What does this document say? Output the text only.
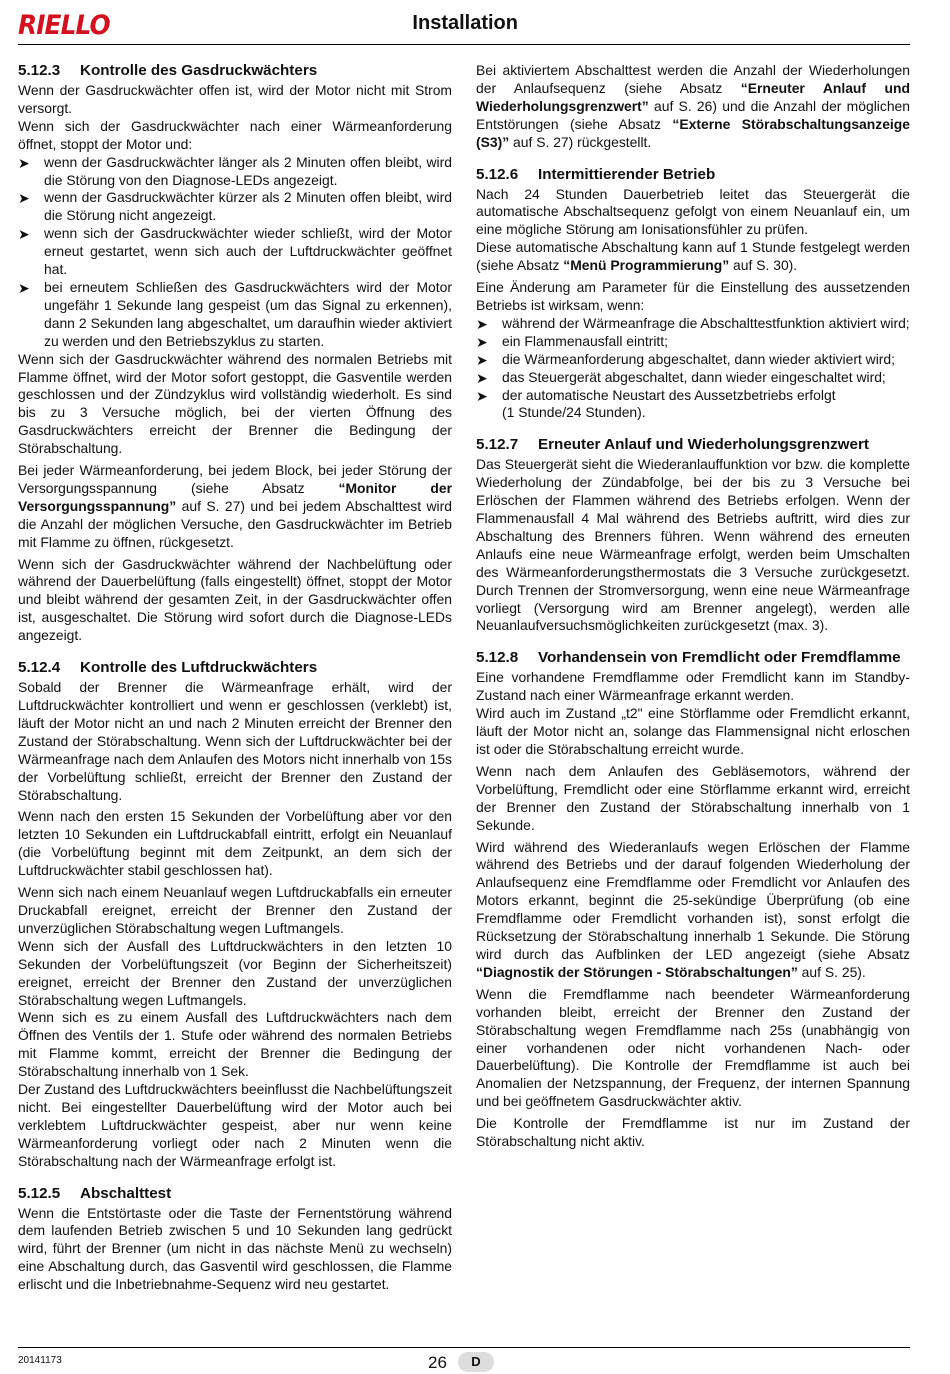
RIELLO	Installation
5.12.3	Kontrolle des Gasdruckwächters

Wenn der Gasdruckwächter offen ist, wird der Motor nicht mit Strom versorgt.

Wenn sich der Gasdruckwächter nach einer Wärmeanforderung öffnet, stoppt der Motor und:

➤ wenn der Gasdruckwächter länger als 2 Minuten offen bleibt, wird die Störung von den Diagnose-LEDs angezeigt.
➤ wenn der Gasdruckwächter kürzer als 2 Minuten offen bleibt, wird die Störung nicht angezeigt.
➤ wenn sich der Gasdruckwächter wieder schließt, wird der Motor erneut gestartet, wenn sich auch der Luftdruckwächter geöffnet hat.
➤ bei erneutem Schließen des Gasdruckwächters wird der Motor ungefähr 1 Sekunde lang gespeist (um das Signal zu erkennen), dann 2 Sekunden lang abgeschaltet, um daraufhin wieder aktiviert zu werden und den Betriebszyklus zu starten.

Wenn sich der Gasdruckwächter während des normalen Betriebs mit Flamme öffnet, wird der Motor sofort gestoppt, die Gasventile werden geschlossen und der Zündzyklus wird vollständig wiederholt. Es sind bis zu 3 Versuche möglich, bei der vierten Öffnung des Gasdruckwächters erreicht der Brenner die Bedingung der Störabschaltung.

Bei jeder Wärmeanforderung, bei jedem Block, bei jeder Störung der Versorgungsspannung (siehe Absatz “Monitor der Versorgungsspannung” auf S. 27) und bei jedem Abschalttest wird die Anzahl der möglichen Versuche, den Gasdruckwächter im Betrieb mit Flamme zu öffnen, rückgesetzt.

Wenn sich der Gasdruckwächter während der Nachbelüftung oder während der Dauerbelüftung (falls eingestellt) öffnet, stoppt der Motor und bleibt während der gesamten Zeit, in der Gasdruckwächter offen ist, ausgeschaltet. Die Störung wird sofort durch die Diagnose-LEDs angezeigt.

5.12.4	Kontrolle des Luftdruckwächters

Sobald der Brenner die Wärmeanfrage erhält, wird der Luftdruckwächter kontrolliert und wenn er geschlossen (verklebt) ist, läuft der Motor nicht an und nach 2 Minuten erreicht der Brenner den Zustand der Störabschaltung. Wenn sich der Luftdruckwächter bei der Wärmeanfrage nach dem Anlaufen des Motors nicht innerhalb von 15s der Vorbelüftung schließt, erreicht der Brenner den Zustand der Störabschaltung.

Wenn nach den ersten 15 Sekunden der Vorbelüftung aber vor den letzten 10 Sekunden ein Luftdruckabfall eintritt, erfolgt ein Neuanlauf (die Vorbelüftung beginnt mit dem Zeitpunkt, an dem sich der Luftdruckwächter stabil geschlossen hat).

Wenn sich nach einem Neuanlauf wegen Luftdruckabfalls ein erneuter Druckabfall ereignet, erreicht der Brenner den Zustand der unverzüglichen Störabschaltung wegen Luftmangels.

Wenn sich der Ausfall des Luftdruckwächters in den letzten 10 Sekunden der Vorbelüftungszeit (vor Beginn der Sicherheitszeit) ereignet, erreicht der Brenner den Zustand der unverzüglichen Störabschaltung wegen Luftmangels.

Wenn sich es zu einem Ausfall des Luftdruckwächters nach dem Öffnen des Ventils der 1. Stufe oder während des normalen Betriebs mit Flamme kommt, erreicht der Brenner die Bedingung der Störabschaltung innerhalb von 1 Sek.

Der Zustand des Luftdruckwächters beeinflusst die Nachbelüftungszeit nicht. Bei eingestellter Dauerbelüftung wird der Motor auch bei verklebtem Luftdruckwächter gespeist, aber nur wenn keine Wärmeanforderung vorliegt oder nach 2 Minuten wenn die Störabschaltung nach der Wärmeanfrage erfolgt ist.

5.12.5	Abschalttest

Wenn die Entstörtaste oder die Taste der Fernentstörung während dem laufenden Betrieb zwischen 5 und 10 Sekunden lang gedrückt wird, führt der Brenner (um nicht in das nächste Menü zu wechseln) eine Abschaltung durch, das Gasventil wird geschlossen, die Flamme erlischt und die Inbetriebnahme-Sequenz wird neu gestartet.

Bei aktiviertem Abschalttest werden die Anzahl der Wiederholungen der Anlaufsequenz (siehe Absatz “Erneuter Anlauf und Wiederholungsgrenzwert” auf S. 26) und die Anzahl der möglichen Entstörungen (siehe Absatz “Externe Störabschaltungsanzeige (S3)” auf S. 27) rückgestellt.

5.12.6	Intermittierender Betrieb

Nach 24 Stunden Dauerbetrieb leitet das Steuergerät die automatische Abschaltsequenz gefolgt von einem Neuanlauf ein, um eine mögliche Störung am Ionisationsfühler zu prüfen.

Diese automatische Abschaltung kann auf 1 Stunde festgelegt werden (siehe Absatz “Menü Programmierung” auf S. 30).

Eine Änderung am Parameter für die Einstellung des aussetzenden Betriebs ist wirksam, wenn:

➤ während der Wärmeanfrage die Abschalttestfunktion aktiviert wird;
➤ ein Flammenausfall eintritt;
➤ die Wärmeanforderung abgeschaltet, dann wieder aktiviert wird;
➤ das Steuergerät abgeschaltet, dann wieder eingeschaltet wird;
➤ der automatische Neustart des Aussetzbetriebs erfolgt
(1 Stunde/24 Stunden).
5.12.7	Erneuter Anlauf und Wiederholungsgrenzwert

Das Steuergerät sieht die Wiederanlauffunktion vor bzw. die komplette Wiederholung der Zündabfolge, bei der bis zu 3 Versuche bei Erlöschen der Flammen während des Betriebs erfolgen. Wenn der Flammenausfall 4 Mal während des Betriebs auftritt, wird dies zur Abschaltung des Brenners führen. Wenn während des erneuten Anlaufs eine neue Wärmeanfrage erfolgt, werden beim Umschalten des Wärmeanforderungsthermostats die 3 Versuche zurückgesetzt. Durch Trennen der Stromversorgung, wenn eine neue Wärmeanfrage vorliegt (Versorgung wird am Brenner angelegt), werden alle Neuanlaufversuchsmöglichkeiten zurückgesetzt (max. 3).

5.12.8	Vorhandensein von Fremdlicht oder Fremdflamme

Eine vorhandene Fremdflamme oder Fremdlicht kann im Standby-Zustand nach einer Wärmeanfrage erkannt werden.

Wird auch im Zustand „t2" eine Störflamme oder Fremdlicht erkannt, läuft der Motor nicht an, solange das Flammensignal nicht erloschen ist oder die Störabschaltung erreicht wurde.

Wenn nach dem Anlaufen des Gebläsemotors, während der Vorbelüftung, Fremdlicht oder eine Störflamme erkannt wird, erreicht der Brenner den Zustand der Störabschaltung innerhalb von 1 Sekunde.

Wird während des Wiederanlaufs wegen Erlöschen der Flamme während des Betriebs und der darauf folgenden Wiederholung der Anlaufsequenz eine Fremdflamme oder Fremdlicht vor Anlaufen des Motors erkannt, beginnt die 25-sekündige Überprüfung (ob eine Fremdflamme oder Fremdlicht vorhanden ist), sonst erfolgt die Rücksetzung der Störabschaltung innerhalb 1 Sekunde. Die Störung wird durch das Aufblinken der LED angezeigt (siehe Absatz “Diagnostik der Störungen - Störabschaltungen” auf S. 25).

Wenn die Fremdflamme nach beendeter Wärmeanforderung vorhanden bleibt, erreicht der Brenner den Zustand der Störabschaltung wegen Fremdflamme nach 25s (unabhängig von einer vorhandenen oder nicht vorhandenen Nach- oder Dauerbelüftung). Die Kontrolle der Fremdflamme ist auch bei Anomalien der Netzspannung, der Frequenz, der internen Spannung und bei geöffnetem Gasdruckwächter aktiv.

Die Kontrolle der Fremdflamme ist nur im Zustand der Störabschaltung nicht aktiv.

20141173	26	D
